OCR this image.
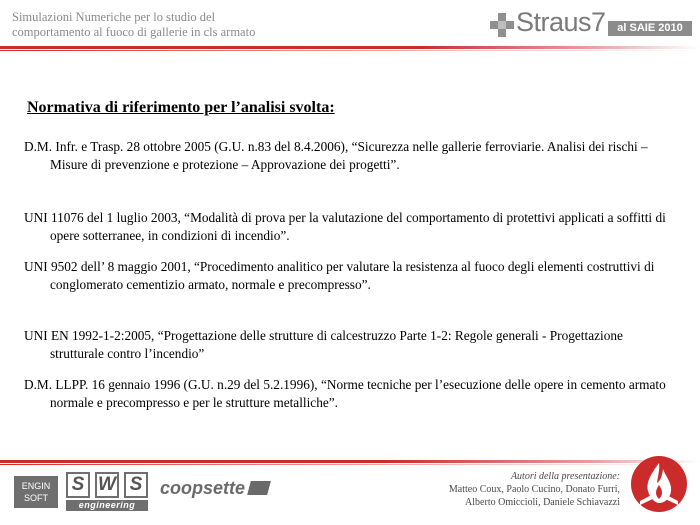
Simulazioni Numeriche per lo studio del
comportamento al fuoco di gallerie in cls armato	Straus7	al SAIE 2010
Normativa di riferimento per l’analisi svolta:

D.M. Infr. e Trasp. 28 ottobre 2005 (G.U. n.83 del 8.4.2006), “Sicurezza nelle gallerie ferroviarie. Analisi dei rischi – Misure di prevenzione e protezione – Approvazione dei progetti”.

UNI 11076 del 1 luglio 2003, “Modalità di prova per la valutazione del comportamento di protettivi applicati a soffitti di opere sotterranee, in condizioni di incendio”.

UNI 9502 dell’ 8 maggio 2001, “Procedimento analitico per valutare la resistenza al fuoco degli elementi costruttivi di conglomerato cementizio armato, normale e precompresso”.

UNI EN 1992-1-2:2005, “Progettazione delle strutture di calcestruzzo Parte 1-2: Regole generali - Progettazione strutturale contro l’incendio”

D.M. LLPP. 16 gennaio 1996 (G.U. n.29 del 5.2.1996), “Norme tecniche per l’esecuzione delle opere in cemento armato normale e precompresso e per le strutture metalliche”.

ENGIN
SOFT
S W S
engineering
coopsette
Autori della presentazione:
Matteo Coux, Paolo Cucino, Donato Furri,
Alberto Omiccioli, Daniele Schiavazzi
